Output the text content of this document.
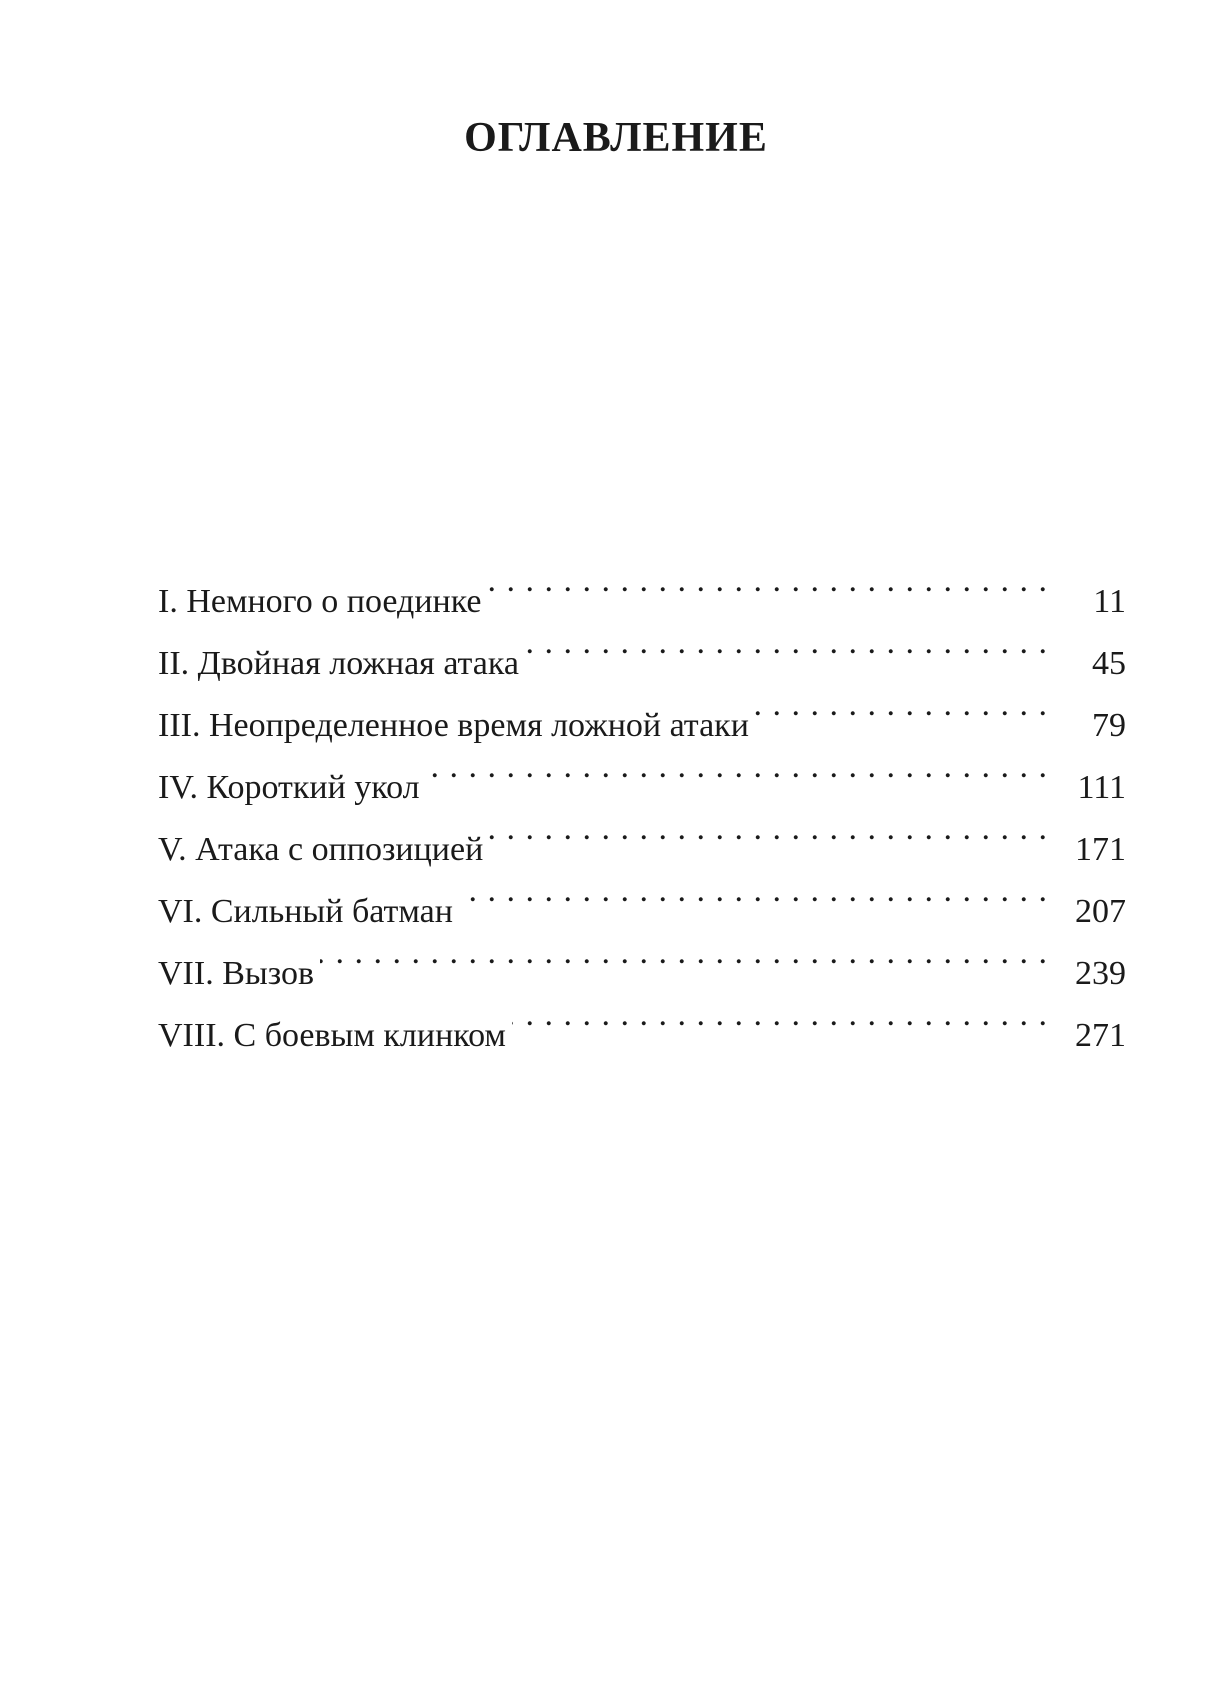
ОГЛАВЛЕНИЕ
I. Немного о поединке . . .	11
II. Двойная ложная атака . . .	45
III. Неопределенное время ложной атаки . . .	79
IV. Короткий укол . . .	111
V. Атака с оппозицией . . .	171
VI. Сильный батман . . .	207
VII. Вызов . . .	239
VIII. С боевым клинком . . .	271
